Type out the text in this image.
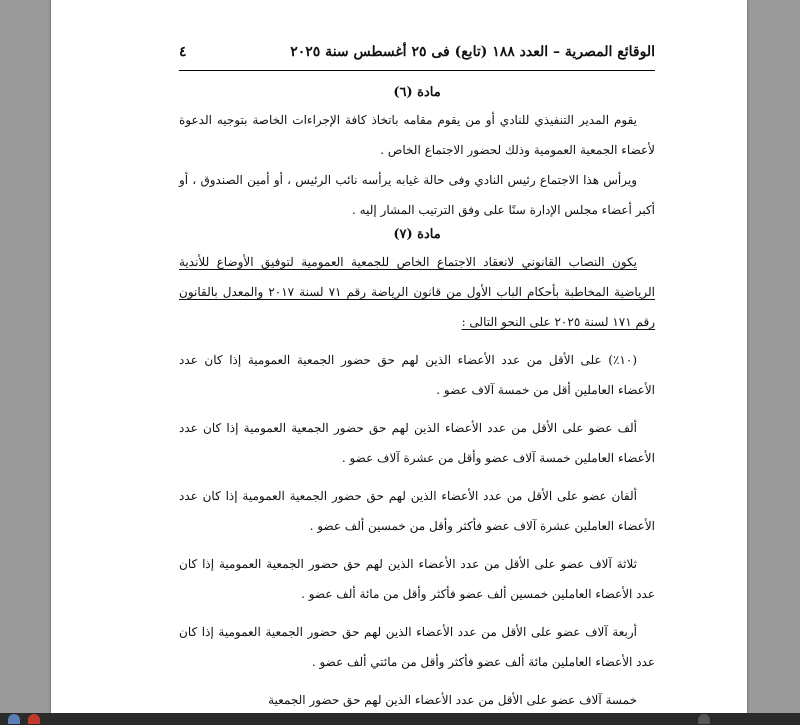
الوقائع المصرية – العدد ١٨٨ (تابع) فى ٢٥ أغسطس سنة ٢٠٢٥
٤
مادة (٦)

يقوم المدير التنفيذي للنادي أو من يقوم مقامه باتخاذ كافة الإجراءات الخاصة بتوجيه الدعوة لأعضاء الجمعية العمومية وذلك لحضور الاجتماع الخاص .

ويرأس هذا الاجتماع رئيس النادي وفى حالة غيابه يرأسه نائب الرئيس ، أو أمين الصندوق ، أو أكبر أعضاء مجلس الإدارة سنًا على وفق الترتيب المشار إليه .

مادة (٧)

يكون النصاب القانوني لانعقاد الاجتماع الخاص للجمعية العمومية لتوفيق الأوضاع للأندية الرياضية المخاطبة بأحكام الباب الأول من قانون الرياضة رقم ٧١ لسنة ٢٠١٧ والمعدل بالقانون رقم ١٧١ لسنة ٢٠٢٥ على النحو التالى :

(١٠٪) على الأقل من عدد الأعضاء الذين لهم حق حضور الجمعية العمومية إذا كان عدد الأعضاء العاملين أقل من خمسة آلاف عضو .

ألف عضو على الأقل من عدد الأعضاء الذين لهم حق حضور الجمعية العمومية إذا كان عدد الأعضاء العاملين خمسة آلاف عضو وأقل من عشرة آلاف عضو .

ألفان عضو على الأقل من عدد الأعضاء الذين لهم حق حضور الجمعية العمومية إذا كان عدد الأعضاء العاملين عشرة آلاف عضو فأكثر وأقل من خمسين ألف عضو .

ثلاثة آلاف عضو على الأقل من عدد الأعضاء الذين لهم حق حضور الجمعية العمومية إذا كان عدد الأعضاء العاملين خمسين ألف عضو فأكثر وأقل من مائة ألف عضو .

أربعة آلاف عضو على الأقل من عدد الأعضاء الذين لهم حق حضور الجمعية العمومية إذا كان عدد الأعضاء العاملين مائة ألف عضو فأكثر وأقل من مائتي ألف عضو .

خمسة آلاف عضو على الأقل من عدد الأعضاء الذين لهم حق حضور الجمعية
